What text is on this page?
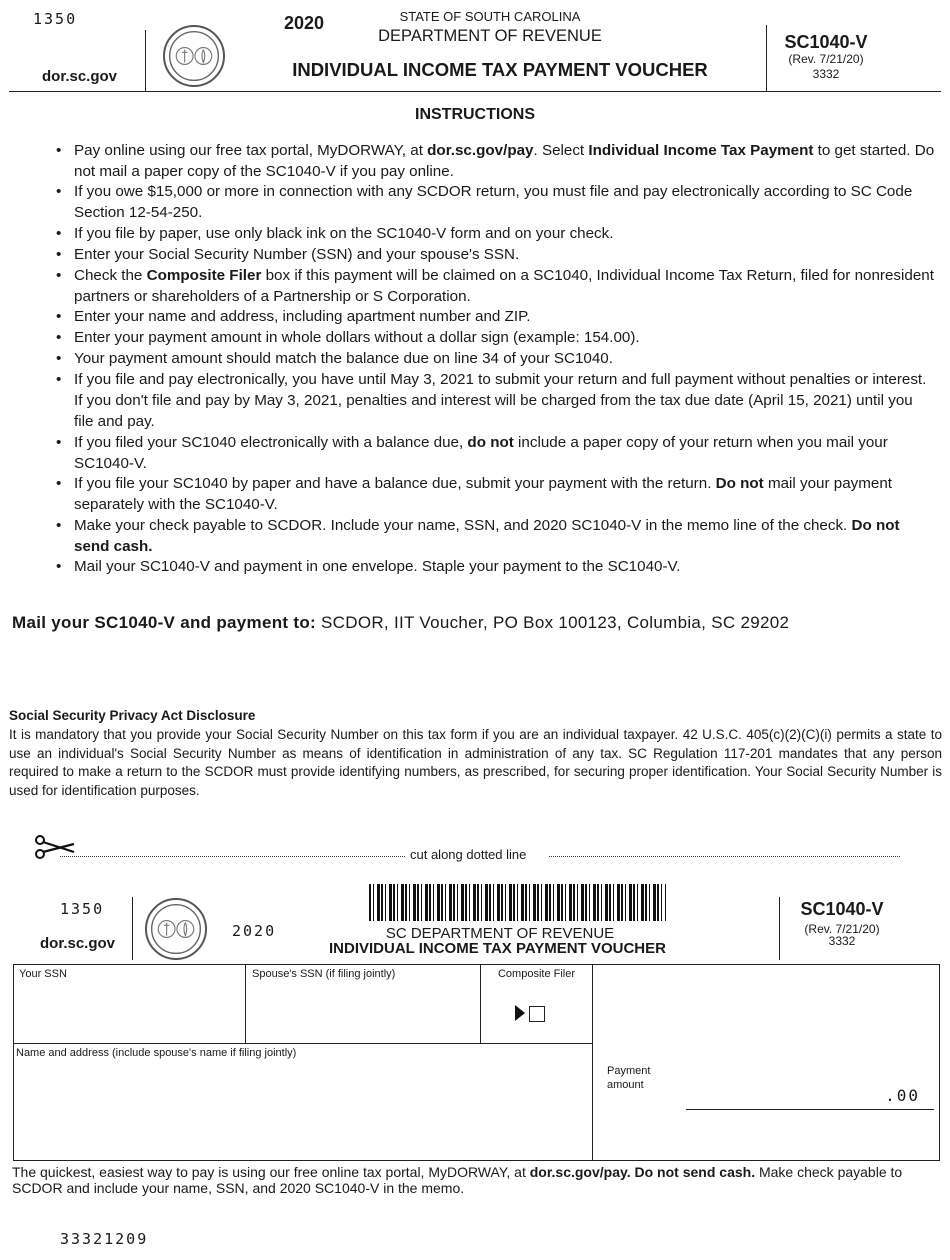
1350
dor.sc.gov
2020	STATE OF SOUTH CAROLINA
DEPARTMENT OF REVENUE
INDIVIDUAL INCOME TAX PAYMENT VOUCHER
SC1040-V
(Rev. 7/21/20)
3332
INSTRUCTIONS
• Pay online using our free tax portal, MyDORWAY, at dor.sc.gov/pay. Select Individual Income Tax Payment to get started. Do not mail a paper copy of the SC1040-V if you pay online.
• If you owe $15,000 or more in connection with any SCDOR return, you must file and pay electronically according to SC Code Section 12-54-250.
• If you file by paper, use only black ink on the SC1040-V form and on your check.
• Enter your Social Security Number (SSN) and your spouse's SSN.
• Check the Composite Filer box if this payment will be claimed on a SC1040, Individual Income Tax Return, filed for nonresident partners or shareholders of a Partnership or S Corporation.
• Enter your name and address, including apartment number and ZIP.
• Enter your payment amount in whole dollars without a dollar sign (example: 154.00).
• Your payment amount should match the balance due on line 34 of your SC1040.
• If you file and pay electronically, you have until May 3, 2021 to submit your return and full payment without penalties or interest. If you don't file and pay by May 3, 2021, penalties and interest will be charged from the tax due date (April 15, 2021) until you file and pay.
• If you filed your SC1040 electronically with a balance due, do not include a paper copy of your return when you mail your SC1040-V.
• If you file your SC1040 by paper and have a balance due, submit your payment with the return. Do not mail your payment separately with the SC1040-V.
• Make your check payable to SCDOR. Include your name, SSN, and 2020 SC1040-V in the memo line of the check. Do not send cash.
• Mail your SC1040-V and payment in one envelope. Staple your payment to the SC1040-V.
Mail your SC1040-V and payment to: SCDOR, IIT Voucher, PO Box 100123, Columbia, SC 29202
Social Security Privacy Act Disclosure
It is mandatory that you provide your Social Security Number on this tax form if you are an individual taxpayer. 42 U.S.C. 405(c)(2)(C)(i) permits a state to use an individual's Social Security Number as means of identification in administration of any tax. SC Regulation 117-201 mandates that any person required to make a return to the SCDOR must provide identifying numbers, as prescribed, for securing proper identification. Your Social Security Number is used for identification purposes.
cut along dotted line
1350
dor.sc.gov
2020	SC DEPARTMENT OF REVENUE
INDIVIDUAL INCOME TAX PAYMENT VOUCHER
SC1040-V
(Rev. 7/21/20)
3332
Your SSN	Spouse's SSN (if filing jointly)	Composite Filer
Name and address (include spouse's name if filing jointly)
Payment
amount
.00
The quickest, easiest way to pay is using our free online tax portal, MyDORWAY, at dor.sc.gov/pay. Do not send cash. Make check payable to SCDOR and include your name, SSN, and 2020 SC1040-V in the memo.
33321209
